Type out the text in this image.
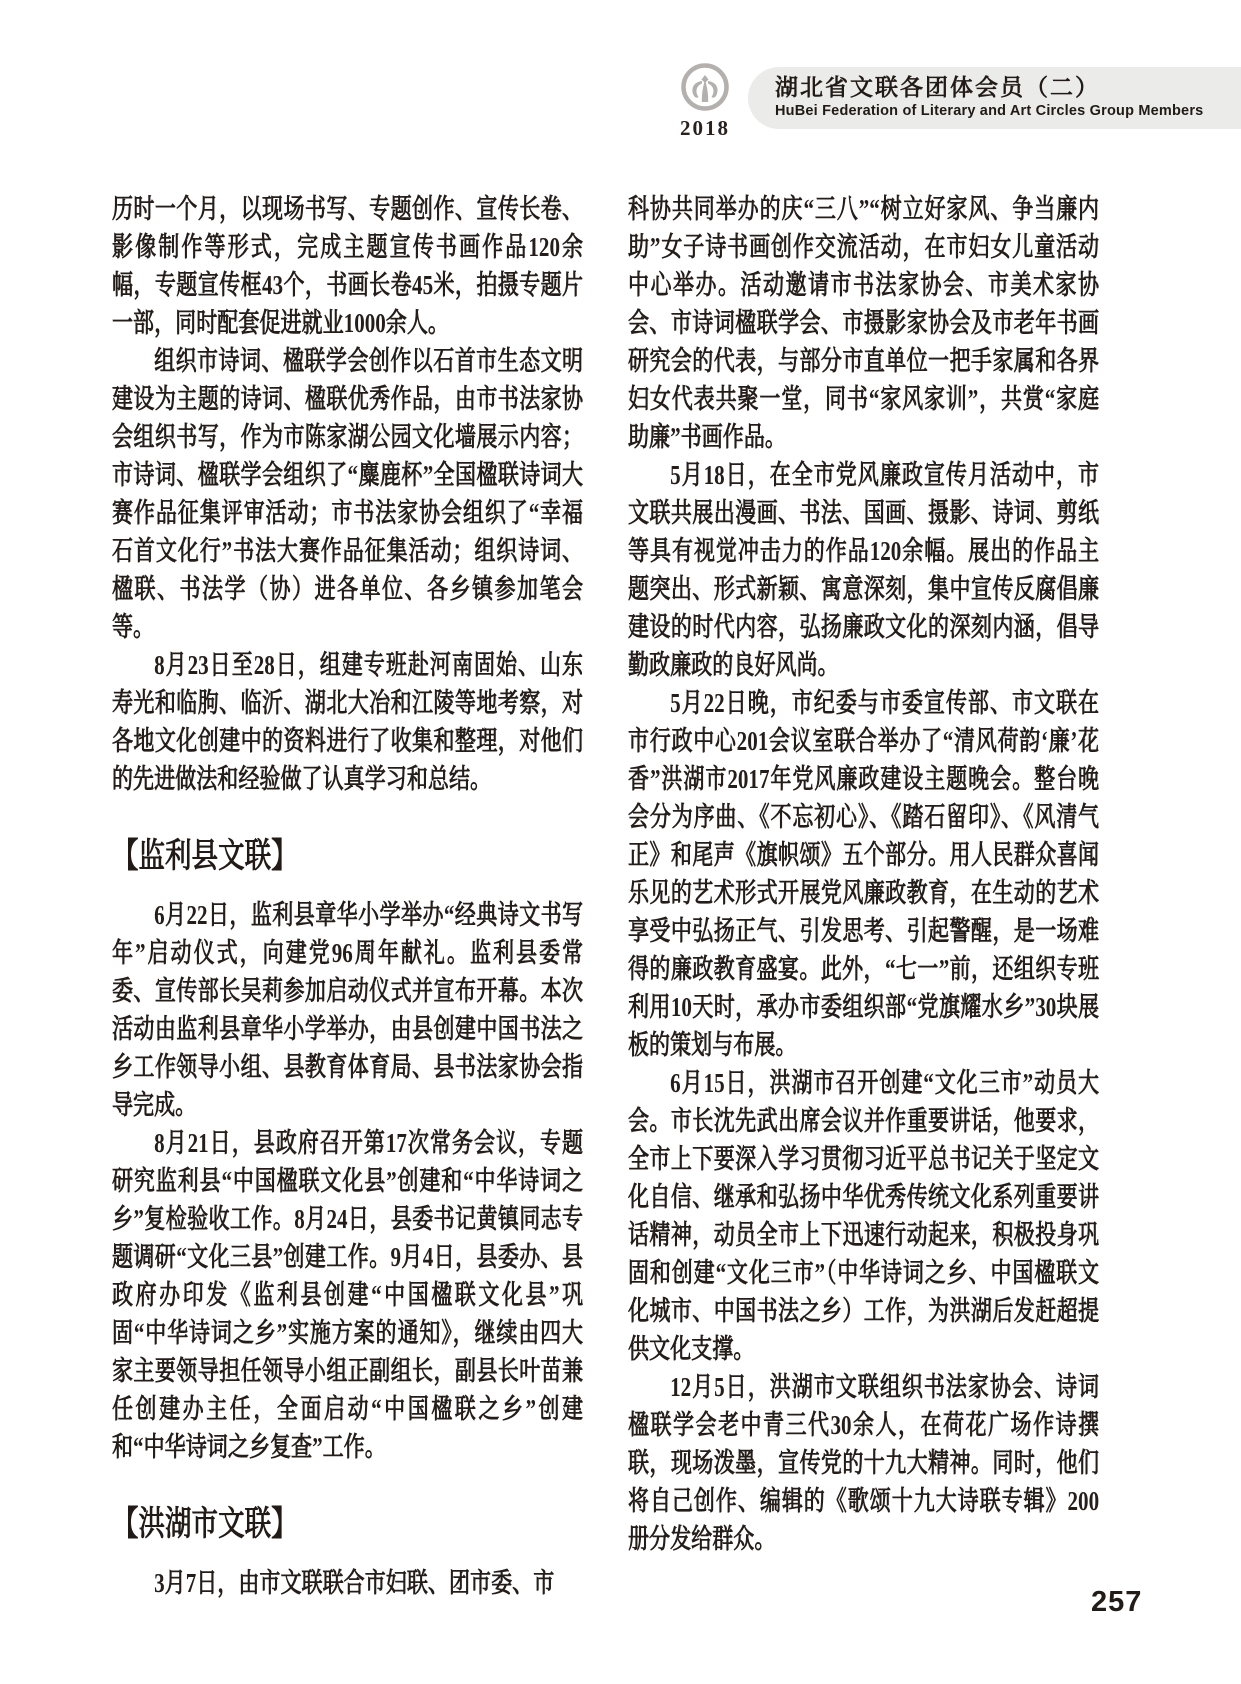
2018
湖北省文联各团体会员（二）
HuBei Federation of Literary and Art Circles Group Members

历时一个月，以现场书写、专题创作、宣传长卷、影像制作等形式，完成主题宣传书画作品120余幅，专题宣传框43个，书画长卷45米，拍摄专题片一部，同时配套促进就业1000余人。

组织市诗词、楹联学会创作以石首市生态文明建设为主题的诗词、楹联优秀作品，由市书法家协会组织书写，作为市陈家湖公园文化墙展示内容；市诗词、楹联学会组织了“麋鹿杯”全国楹联诗词大赛作品征集评审活动；市书法家协会组织了“幸福石首文化行”书法大赛作品征集活动；组织诗词、楹联、书法学（协）进各单位、各乡镇参加笔会等。

8月23日至28日，组建专班赴河南固始、山东寿光和临朐、临沂、湖北大冶和江陵等地考察，对各地文化创建中的资料进行了收集和整理，对他们的先进做法和经验做了认真学习和总结。

【监利县文联】

6月22日，监利县章华小学举办“经典诗文书写年”启动仪式，向建党96周年献礼。监利县委常委、宣传部长吴莉参加启动仪式并宣布开幕。本次活动由监利县章华小学举办，由县创建中国书法之乡工作领导小组、县教育体育局、县书法家协会指导完成。

8月21日，县政府召开第17次常务会议，专题研究监利县“中国楹联文化县”创建和“中华诗词之乡”复检验收工作。8月24日，县委书记黄镇同志专题调研“文化三县”创建工作。9月4日，县委办、县政府办印发《监利县创建“中国楹联文化县”巩固“中华诗词之乡”实施方案的通知》，继续由四大家主要领导担任领导小组正副组长，副县长叶苗兼任创建办主任，全面启动“中国楹联之乡”创建和“中华诗词之乡复查”工作。

【洪湖市文联】

3月7日，由市文联联合市妇联、团市委、市

科协共同举办的庆“三八”“树立好家风、争当廉内助”女子诗书画创作交流活动，在市妇女儿童活动中心举办。活动邀请市书法家协会、市美术家协会、市诗词楹联学会、市摄影家协会及市老年书画研究会的代表，与部分市直单位一把手家属和各界妇女代表共聚一堂，同书“家风家训”，共赏“家庭助廉”书画作品。

5月18日，在全市党风廉政宣传月活动中，市文联共展出漫画、书法、国画、摄影、诗词、剪纸等具有视觉冲击力的作品120余幅。展出的作品主题突出、形式新颖、寓意深刻，集中宣传反腐倡廉建设的时代内容，弘扬廉政文化的深刻内涵，倡导勤政廉政的良好风尚。

5月22日晚，市纪委与市委宣传部、市文联在市行政中心201会议室联合举办了“清风荷韵‘廉’花香”洪湖市2017年党风廉政建设主题晚会。整台晚会分为序曲、《不忘初心》、《踏石留印》、《风清气正》和尾声《旗帜颂》五个部分。用人民群众喜闻乐见的艺术形式开展党风廉政教育，在生动的艺术享受中弘扬正气、引发思考、引起警醒，是一场难得的廉政教育盛宴。此外，“七一”前，还组织专班利用10天时，承办市委组织部“党旗耀水乡”30块展板的策划与布展。

6月15日，洪湖市召开创建“文化三市”动员大会。市长沈先武出席会议并作重要讲话，他要求，全市上下要深入学习贯彻习近平总书记关于坚定文化自信、继承和弘扬中华优秀传统文化系列重要讲话精神，动员全市上下迅速行动起来，积极投身巩固和创建“文化三市”（中华诗词之乡、中国楹联文化城市、中国书法之乡）工作，为洪湖后发赶超提供文化支撑。

12月5日，洪湖市文联组织书法家协会、诗词楹联学会老中青三代30余人，在荷花广场作诗撰联，现场泼墨，宣传党的十九大精神。同时，他们将自己创作、编辑的《歌颂十九大诗联专辑》200册分发给群众。

257
